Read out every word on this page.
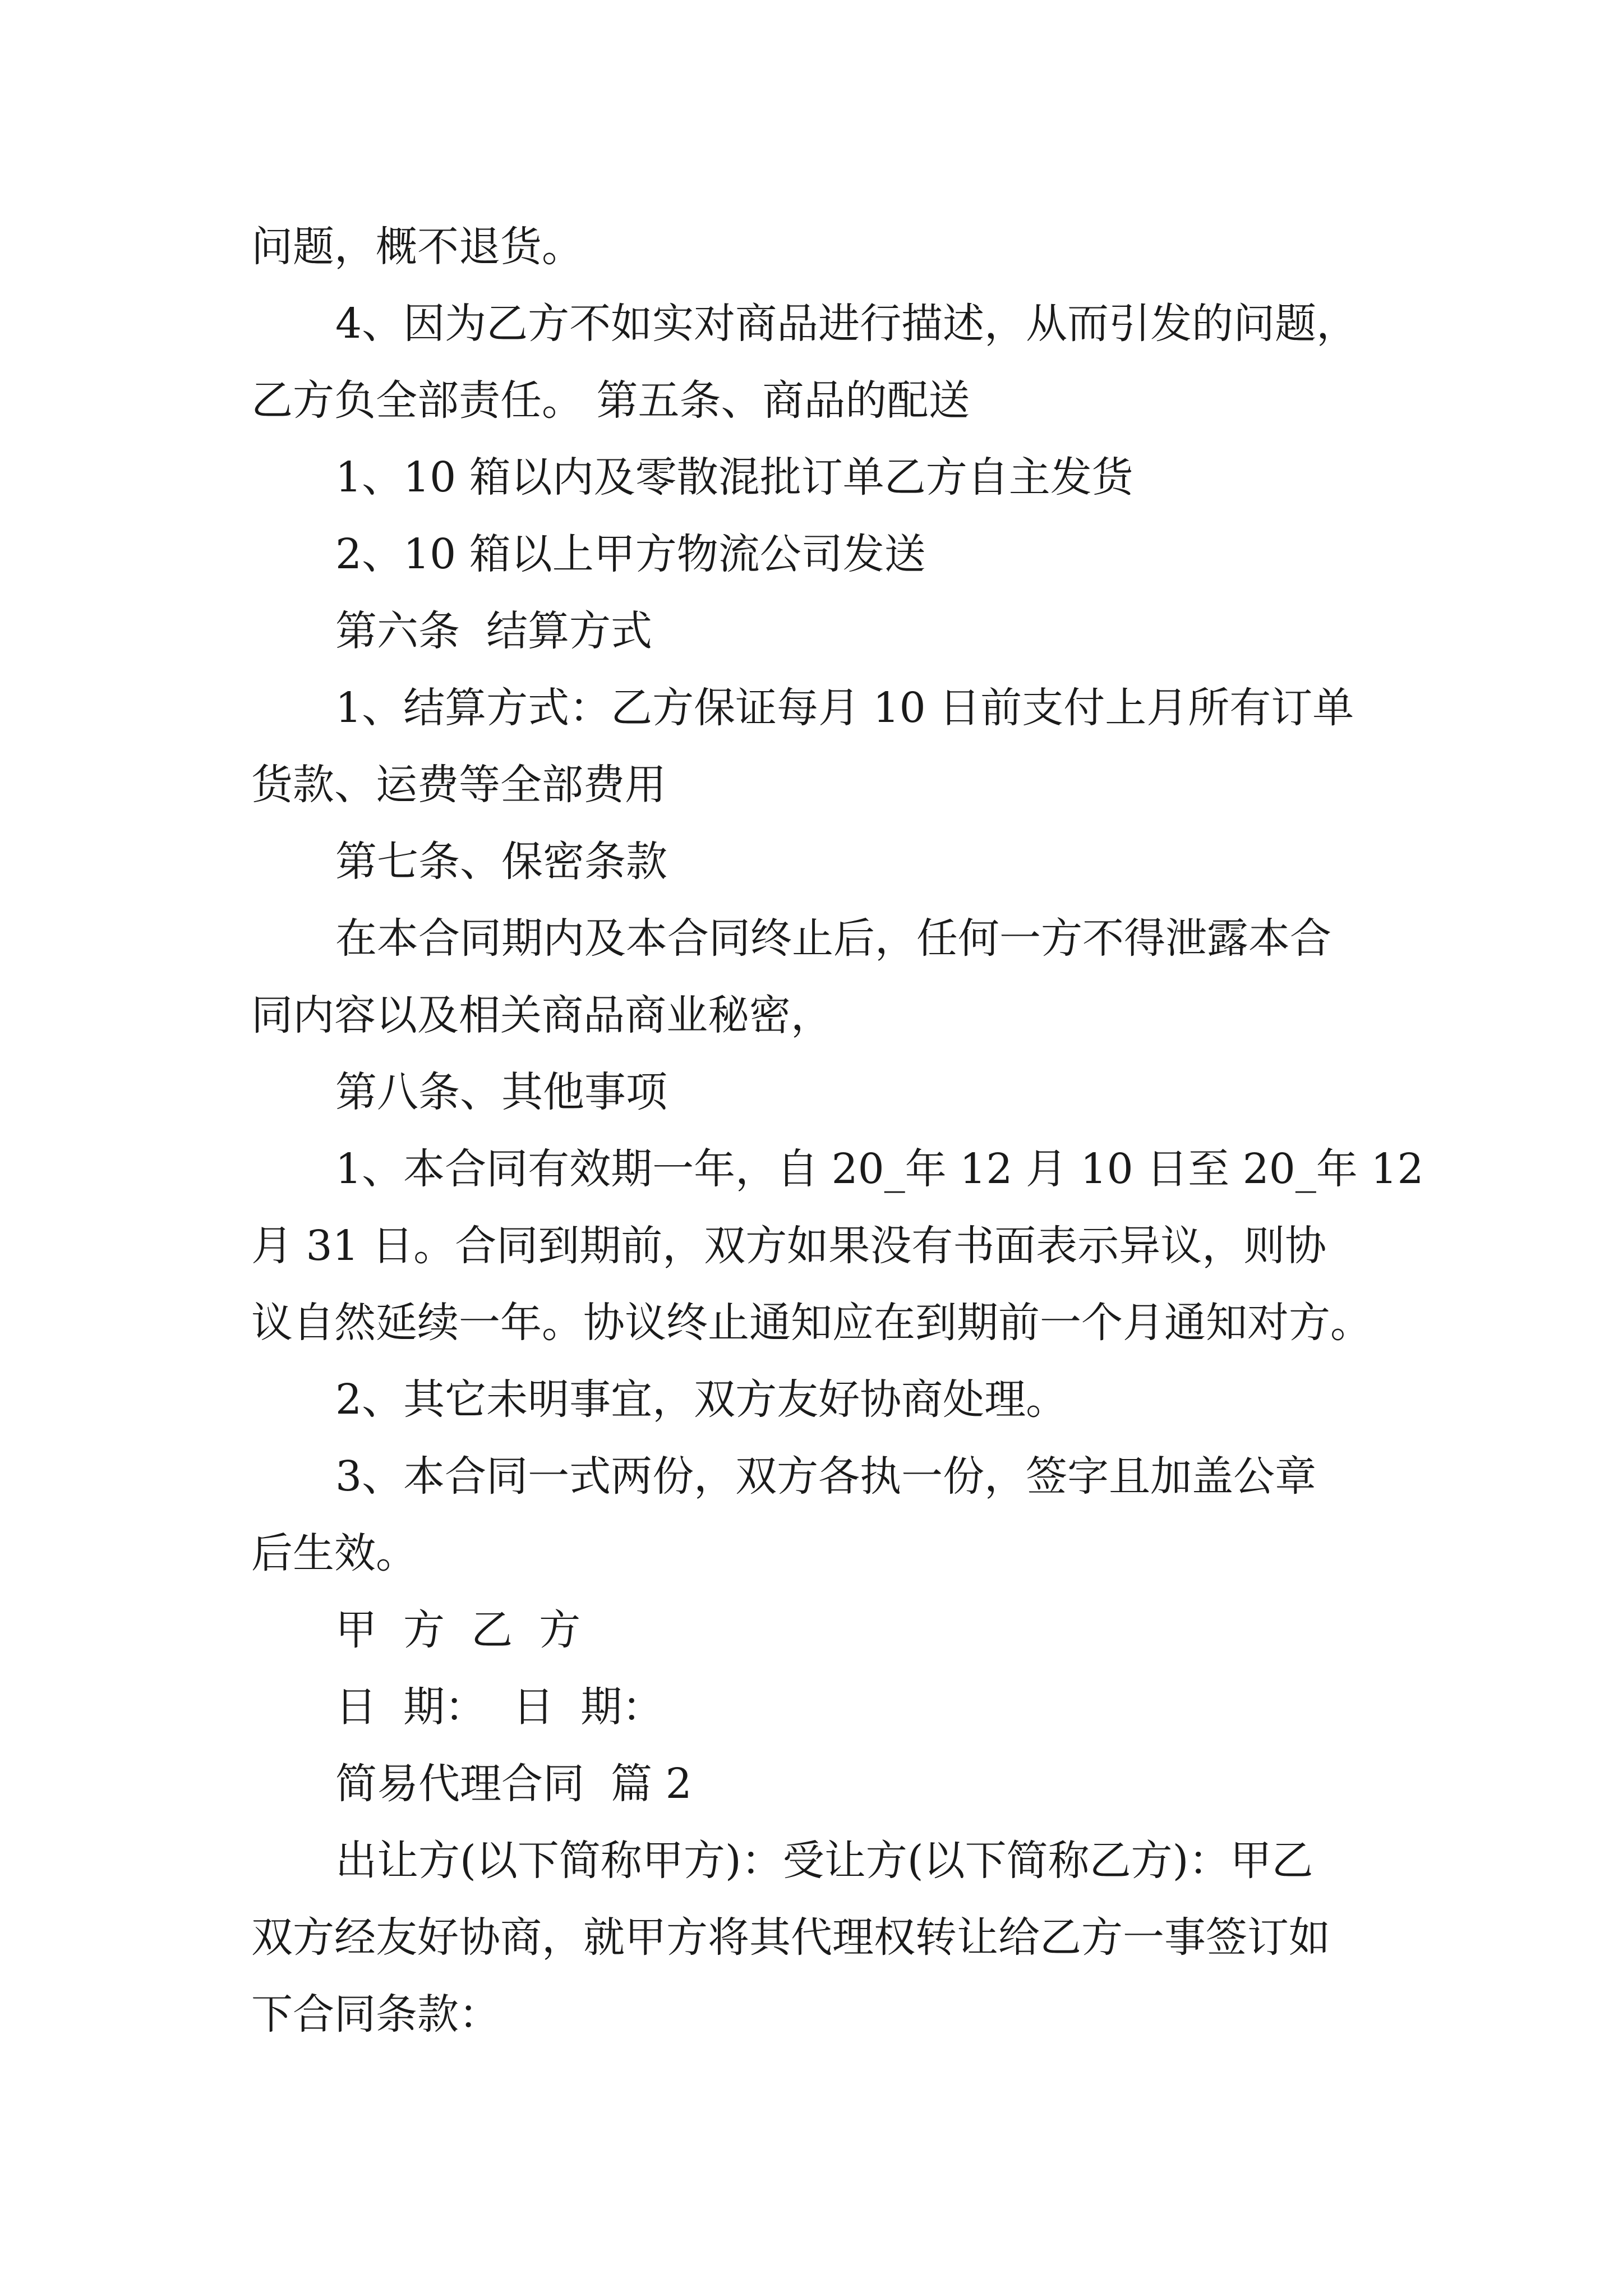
问题，概不退货。
4、因为乙方不如实对商品进行描述，从而引发的问题，
乙方负全部责任。 第五条、商品的配送
1、10 箱以内及零散混批订单乙方自主发货
2、10 箱以上甲方物流公司发送
第六条  结算方式
1、结算方式：乙方保证每月 10 日前支付上月所有订单
货款、运费等全部费用
第七条、保密条款
在本合同期内及本合同终止后，任何一方不得泄露本合
同内容以及相关商品商业秘密，
第八条、其他事项
1、本合同有效期一年，自 20_年 12 月 10 日至 20_年 12
月 31 日。合同到期前，双方如果没有书面表示异议，则协
议自然延续一年。协议终止通知应在到期前一个月通知对方。
2、其它未明事宜，双方友好协商处理。
3、本合同一式两份，双方各执一份，签字且加盖公章
后生效。
甲  方  乙  方
日  期：  日  期：
简易代理合同  篇 2
出让方(以下简称甲方)：受让方(以下简称乙方)：甲乙
双方经友好协商，就甲方将其代理权转让给乙方一事签订如
下合同条款：
